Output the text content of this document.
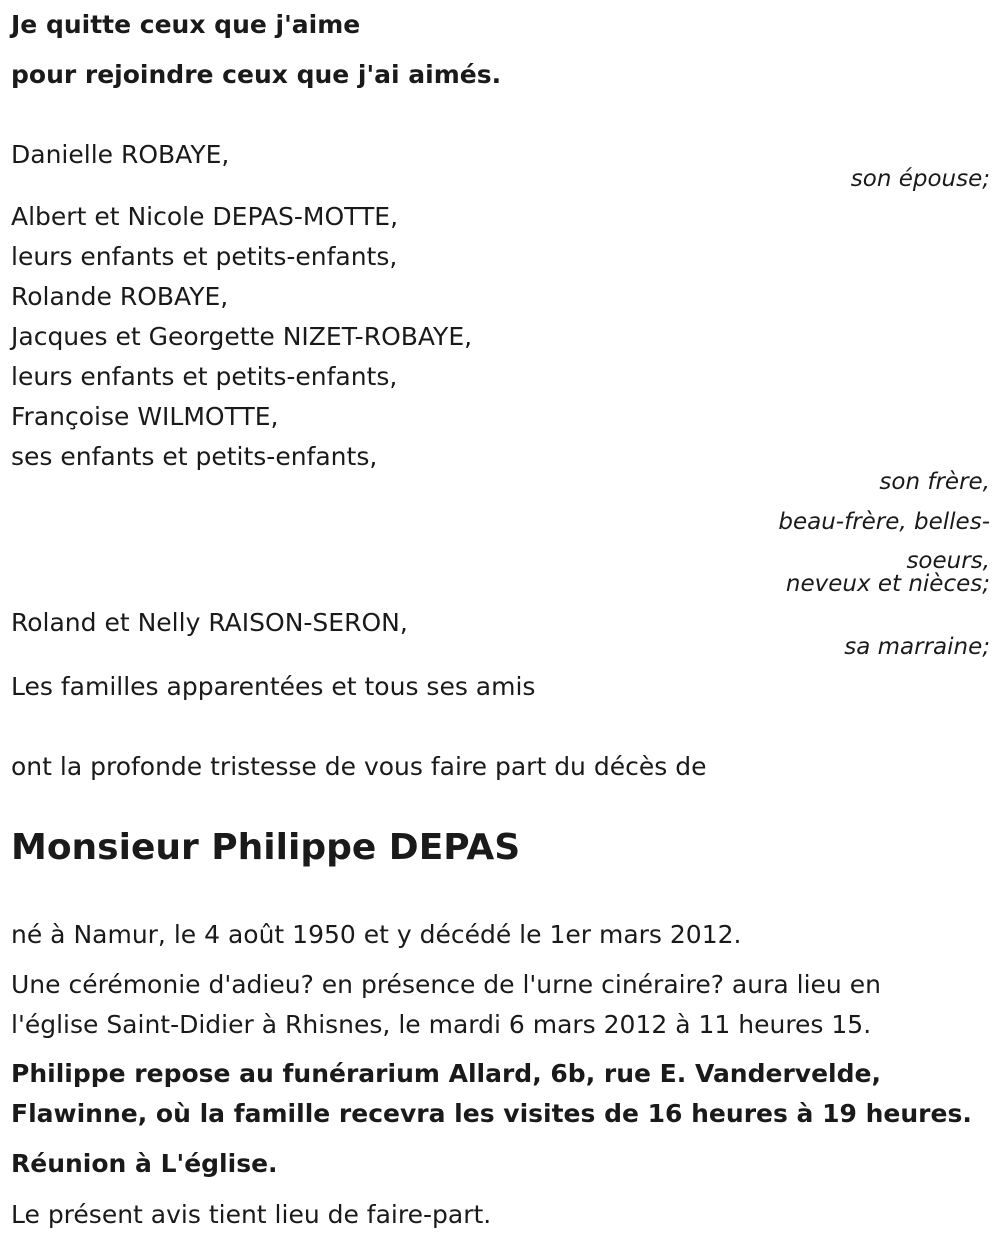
Je quitte ceux que j'aime
pour rejoindre ceux que j'ai aimés.
Danielle ROBAYE,
son épouse;
Albert et Nicole DEPAS-MOTTE,
leurs enfants et petits-enfants,
Rolande ROBAYE,
Jacques et Georgette NIZET-ROBAYE,
leurs enfants et petits-enfants,
Françoise WILMOTTE,
ses enfants et petits-enfants,
son frère,
beau-frère, belles-
soeurs,
neveux et nièces;
Roland et Nelly RAISON-SERON,
sa marraine;
Les familles apparentées et tous ses amis
ont la profonde tristesse de vous faire part du décès de
Monsieur Philippe DEPAS
né à Namur, le 4 août 1950 et y décédé le 1er mars 2012.
Une cérémonie d'adieu? en présence de l'urne cinéraire? aura lieu en
l'église Saint-Didier à Rhisnes, le mardi 6 mars 2012 à 11 heures 15.
Philippe repose au funérarium Allard, 6b, rue E. Vandervelde,
Flawinne, où la famille recevra les visites de 16 heures à 19 heures.
Réunion à L'église.
Le présent avis tient lieu de faire-part.
